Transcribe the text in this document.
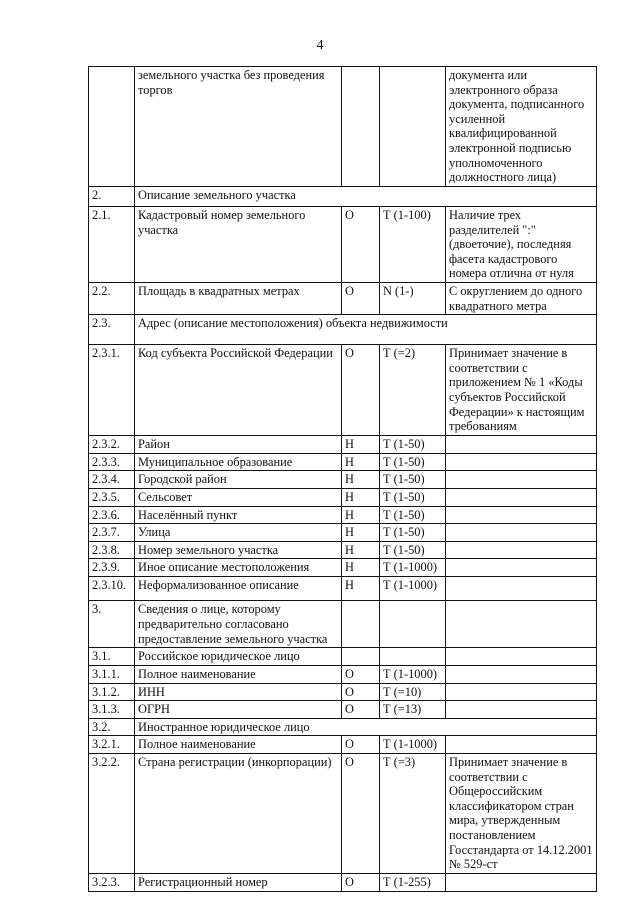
4
	земельного участка без проведения торгов			документа или электронного образа документа, подписанного усиленной квалифицированной электронной подписью уполномоченного должностного лица)
2.	Описание земельного участка			
2.1.	Кадастровый номер земельного участка	О	Т (1-100)	Наличие трех разделителей ":" (двоеточие), последняя фасета кадастрового номера отлична от нуля
2.2.	Площадь в квадратных метрах	О	N (1-)	С округлением до одного квадратного метра
2.3.	Адрес (описание местоположения) объекта недвижимости			
2.3.1.	Код субъекта Российской Федерации	О	Т (=2)	Принимает значение в соответствии с приложением № 1 «Коды субъектов Российской Федерации» к настоящим требованиям
2.3.2.	Район	Н	Т (1-50)	
2.3.3.	Муниципальное образование	Н	Т (1-50)	
2.3.4.	Городской район	Н	Т (1-50)	
2.3.5.	Сельсовет	Н	Т (1-50)	
2.3.6.	Населённый пункт	Н	Т (1-50)	
2.3.7.	Улица	Н	Т (1-50)	
2.3.8.	Номер земельного участка	Н	Т (1-50)	
2.3.9.	Иное описание местоположения	Н	Т (1-1000)	
2.3.10.	Неформализованное описание	Н	Т (1-1000)	
3.	Сведения о лице, которому предварительно согласовано предоставление земельного участка			
3.1.	Российское юридическое лицо			
3.1.1.	Полное наименование	О	Т (1-1000)	
3.1.2.	ИНН	О	Т (=10)	
3.1.3.	ОГРН	О	Т (=13)	
3.2.	Иностранное юридическое лицо			
3.2.1.	Полное наименование	О	Т (1-1000)	
3.2.2.	Страна регистрации (инкорпорации)	О	Т (=3)	Принимает значение в соответствии с Общероссийским классификатором стран мира, утвержденным постановлением Госстандарта от 14.12.2001 № 529-ст
3.2.3.	Регистрационный номер	О	Т (1-255)	
